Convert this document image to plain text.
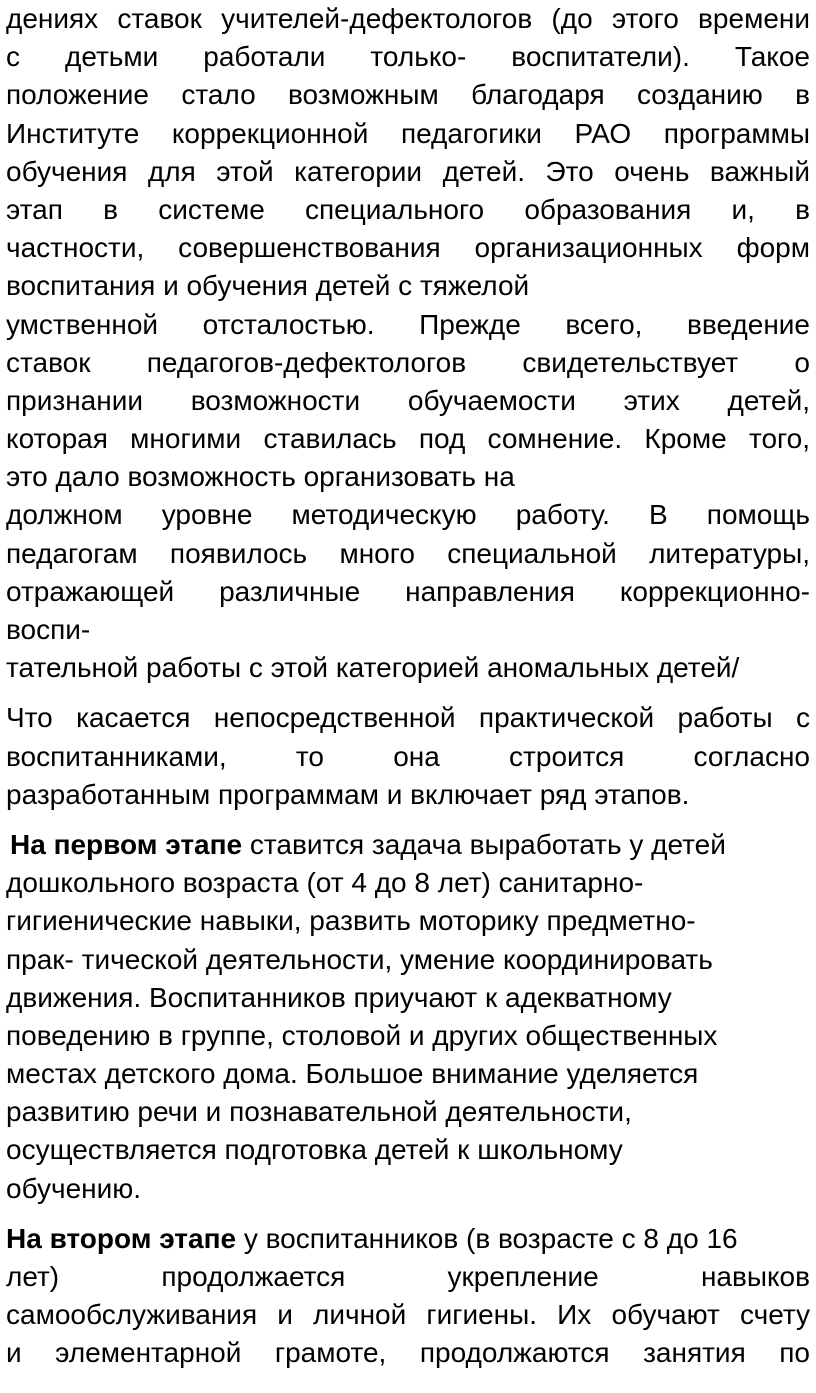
дениях ставок учителей-дефектологов (до этого времени
с детьми работали только- воспитатели). Такое
положение стало возможным благодаря созданию в
Институте коррекционной педагогики РАО программы
обучения для этой категории детей. Это очень важный
этап в системе специального образования и, в
частности, совершенствования организационных форм
воспитания и обучения детей с тяжелой
умственной отсталостью. Прежде всего, введение
ставок педагогов-дефектологов свидетельствует о
признании возможности обучаемости этих детей,
которая многими ставилась под сомнение. Кроме того,
это дало возможность организовать на
должном уровне методическую работу. В помощь
педагогам появилось много специальной литературы,
отражающей различные направления коррекционно-
воспи-
тательной работы с этой категорией аномальных детей/
Что касается непосредственной практической работы с
воспитанниками, то она строится согласно
разработанным программам и включает ряд этапов.
На первом этапе ставится задача выработать у детей
дошкольного возраста (от 4 до 8 лет) санитарно-
гигиенические навыки, развить моторику предметно-
прак- тической деятельности, умение координировать
движения. Воспитанников приучают к адекватному
поведению в группе, столовой и других общественных
местах детского дома. Большое внимание уделяется
развитию речи и познавательной деятельности,
осуществляется подготовка детей к школьному
обучению.
На втором этапе у воспитанников (в возрасте с 8 до 16
лет) продолжается укрепление навыков
самообслуживания и личной гигиены. Их обучают счету
и элементарной грамоте, продолжаются занятия по
